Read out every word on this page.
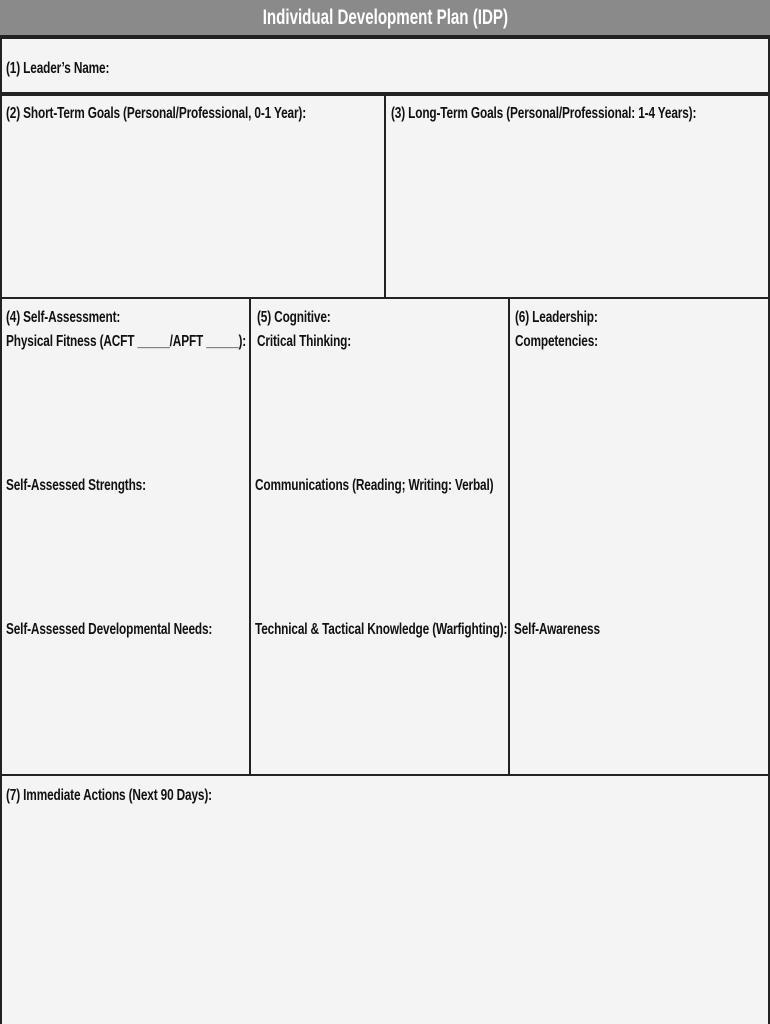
Individual Development Plan (IDP)
(1) Leader’s Name:
(2) Short-Term Goals (Personal/Professional, 0-1 Year):	(3) Long-Term Goals (Personal/Professional: 1-4 Years):
(4) Self-Assessment:
Physical Fitness (ACFT _____/APFT _____):
Self-Assessed Strengths:
Self-Assessed Developmental Needs:
(5) Cognitive:
Critical Thinking:
Communications (Reading; Writing: Verbal)
Technical & Tactical Knowledge (Warfighting):
(6) Leadership:
Competencies:
Self-Awareness
(7) Immediate Actions (Next 90 Days):
